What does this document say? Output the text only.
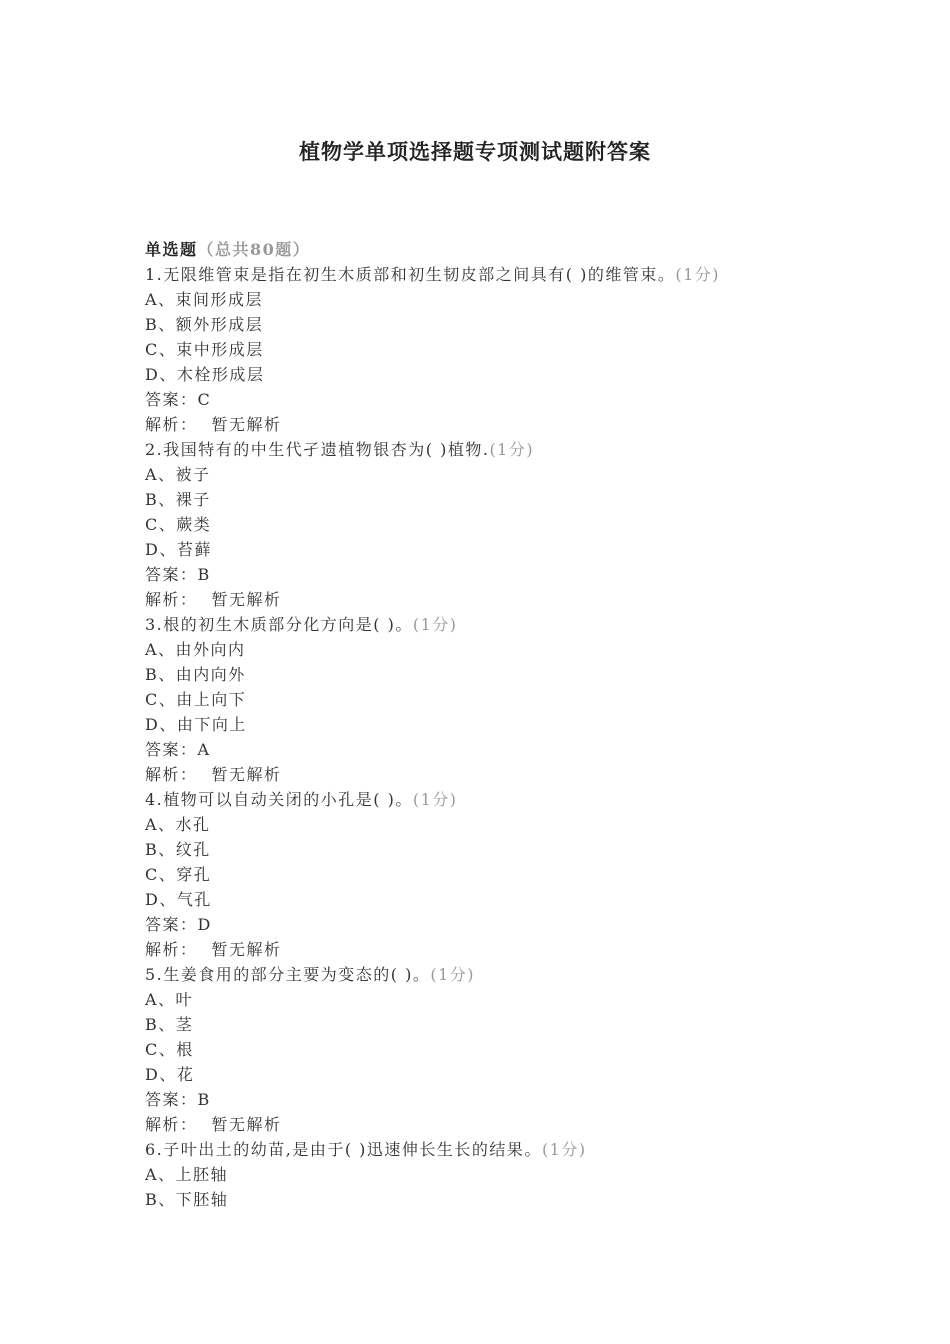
植物学单项选择题专项测试题附答案
单选题（总共80题）
1.无限维管束是指在初生木质部和初生韧皮部之间具有( )的维管束。(1分)
A、束间形成层
B、额外形成层
C、束中形成层
D、木栓形成层
答案：C
解析： 暂无解析
2.我国特有的中生代孑遗植物银杏为( )植物.(1分)
A、被子
B、裸子
C、蕨类
D、苔藓
答案：B
解析： 暂无解析
3.根的初生木质部分化方向是( )。(1分)
A、由外向内
B、由内向外
C、由上向下
D、由下向上
答案：A
解析： 暂无解析
4.植物可以自动关闭的小孔是( )。(1分)
A、水孔
B、纹孔
C、穿孔
D、气孔
答案：D
解析： 暂无解析
5.生姜食用的部分主要为变态的( )。(1分)
A、叶
B、茎
C、根
D、花
答案：B
解析： 暂无解析
6.子叶出土的幼苗,是由于( )迅速伸长生长的结果。(1分)
A、上胚轴
B、下胚轴
